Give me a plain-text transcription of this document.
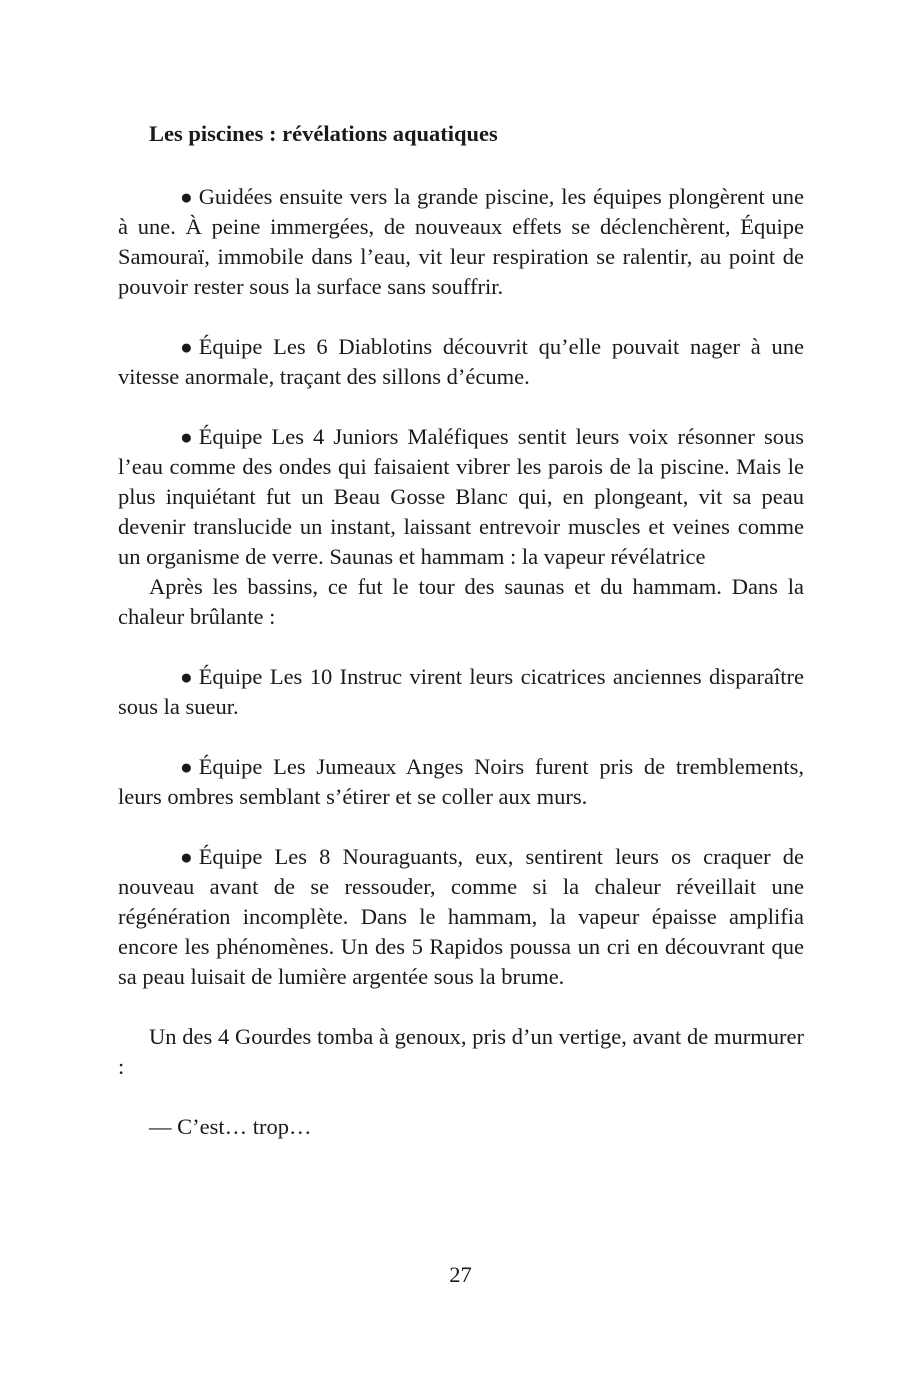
Les piscines : révélations aquatiques

● Guidées ensuite vers la grande piscine, les équipes plongèrent une à une. À peine immergées, de nouveaux effets se déclenchèrent, Équipe Samouraï, immobile dans l’eau, vit leur respiration se ralentir, au point de pouvoir rester sous la surface sans souffrir.

● Équipe Les 6 Diablotins découvrit qu’elle pouvait nager à une vitesse anormale, traçant des sillons d’écume.

● Équipe Les 4 Juniors Maléfiques sentit leurs voix résonner sous l’eau comme des ondes qui faisaient vibrer les parois de la piscine. Mais le plus inquiétant fut un Beau Gosse Blanc qui, en plongeant, vit sa peau devenir translucide un instant, laissant entrevoir muscles et veines comme un organisme de verre. Saunas et hammam : la vapeur révélatrice

Après les bassins, ce fut le tour des saunas et du hammam. Dans la chaleur brûlante :

● Équipe Les 10 Instruc virent leurs cicatrices anciennes disparaître sous la sueur.

● Équipe Les Jumeaux Anges Noirs furent pris de tremblements, leurs ombres semblant s’étirer et se coller aux murs.

● Équipe Les 8 Nouraguants, eux, sentirent leurs os craquer de nouveau avant de se ressouder, comme si la chaleur réveillait une régénération incomplète. Dans le hammam, la vapeur épaisse amplifia encore les phénomènes. Un des 5 Rapidos poussa un cri en découvrant que sa peau luisait de lumière argentée sous la brume.

Un des 4 Gourdes tomba à genoux, pris d’un vertige, avant de murmurer :

— C’est… trop…

27
